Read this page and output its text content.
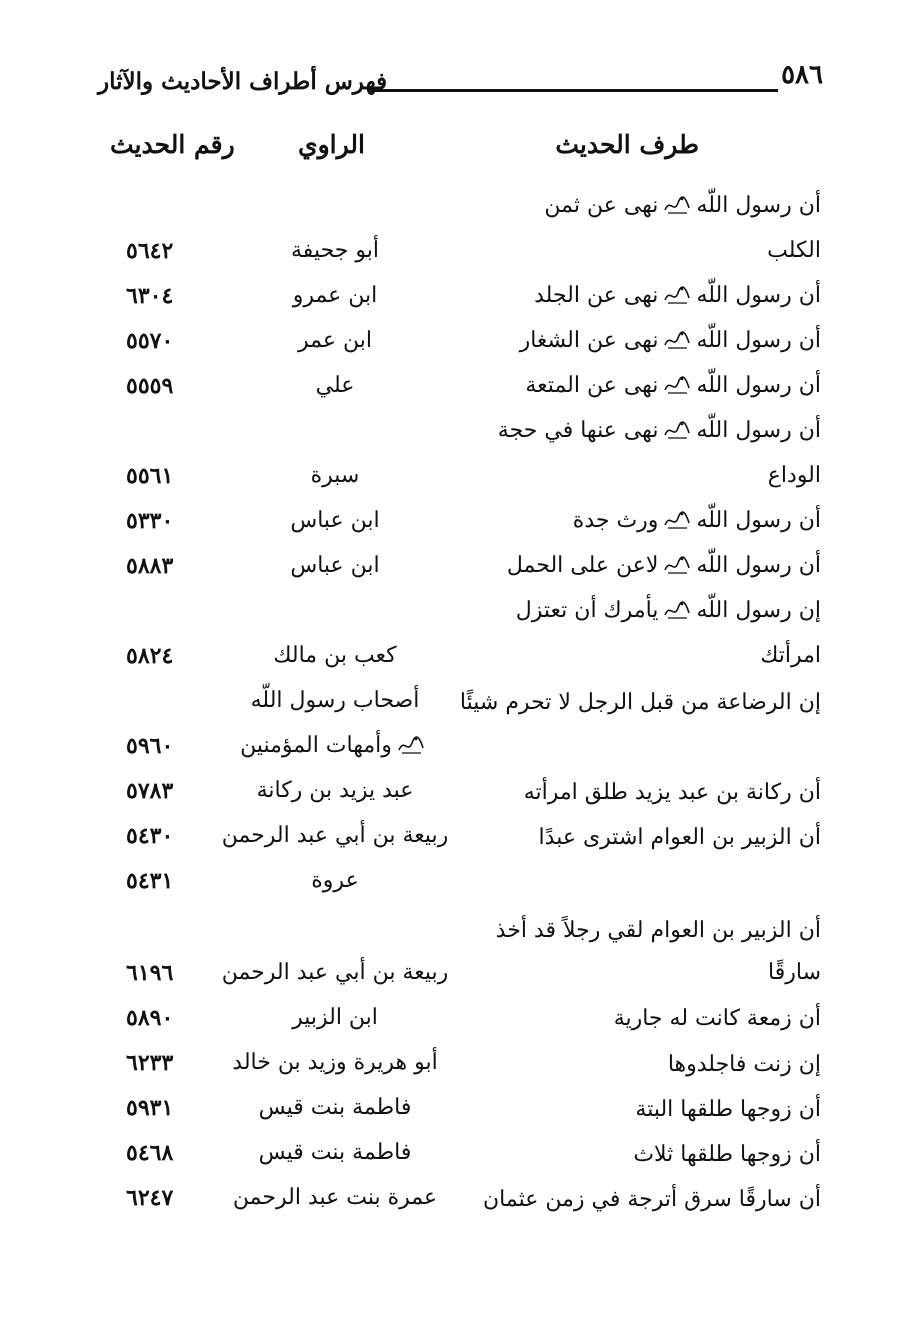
٥٨٦
فهرس أطراف الأحاديث والآثار
طرف الحديث
الراوي
رقم الحديث
أن رسول اللّه
نهى عن ثمن
الكلب
أبو جحيفة
٥٦٤٢
أن رسول اللّه
نهى عن الجلد
ابن عمرو
٦٣٠٤
أن رسول اللّه
نهى عن الشغار
ابن عمر
٥٥٧٠
أن رسول اللّه
نهى عن المتعة
علي
٥٥٥٩
أن رسول اللّه
نهى عنها في حجة
الوداع
سبرة
٥٥٦١
أن رسول اللّه
ورث جدة
ابن عباس
٥٣٣٠
أن رسول اللّه
لاعن على الحمل
ابن عباس
٥٨٨٣
إن رسول اللّه
يأمرك أن تعتزل
امرأتك
كعب بن مالك
٥٨٢٤
إن الرضاعة من قبل الرجل لا تحرم شيئًا
أصحاب رسول اللّه
وأمهات المؤمنين
٥٩٦٠
أن ركانة بن عبد يزيد طلق امرأته
عبد يزيد بن ركانة
٥٧٨٣
أن الزبير بن العوام اشترى عبدًا
ربيعة بن أبي عبد الرحمن
٥٤٣٠
عروة
٥٤٣١
أن الزبير بن العوام لقي رجلاً قد أخذ
سارقًا
ربيعة بن أبي عبد الرحمن
٦١٩٦
أن زمعة كانت له جارية
ابن الزبير
٥٨٩٠
إن زنت فاجلدوها
أبو هريرة وزيد بن خالد
٦٢٣٣
أن زوجها طلقها البتة
فاطمة بنت قيس
٥٩٣١
أن زوجها طلقها ثلاث
فاطمة بنت قيس
٥٤٦٨
أن سارقًا سرق أترجة في زمن عثمان
عمرة بنت عبد الرحمن
٦٢٤٧
